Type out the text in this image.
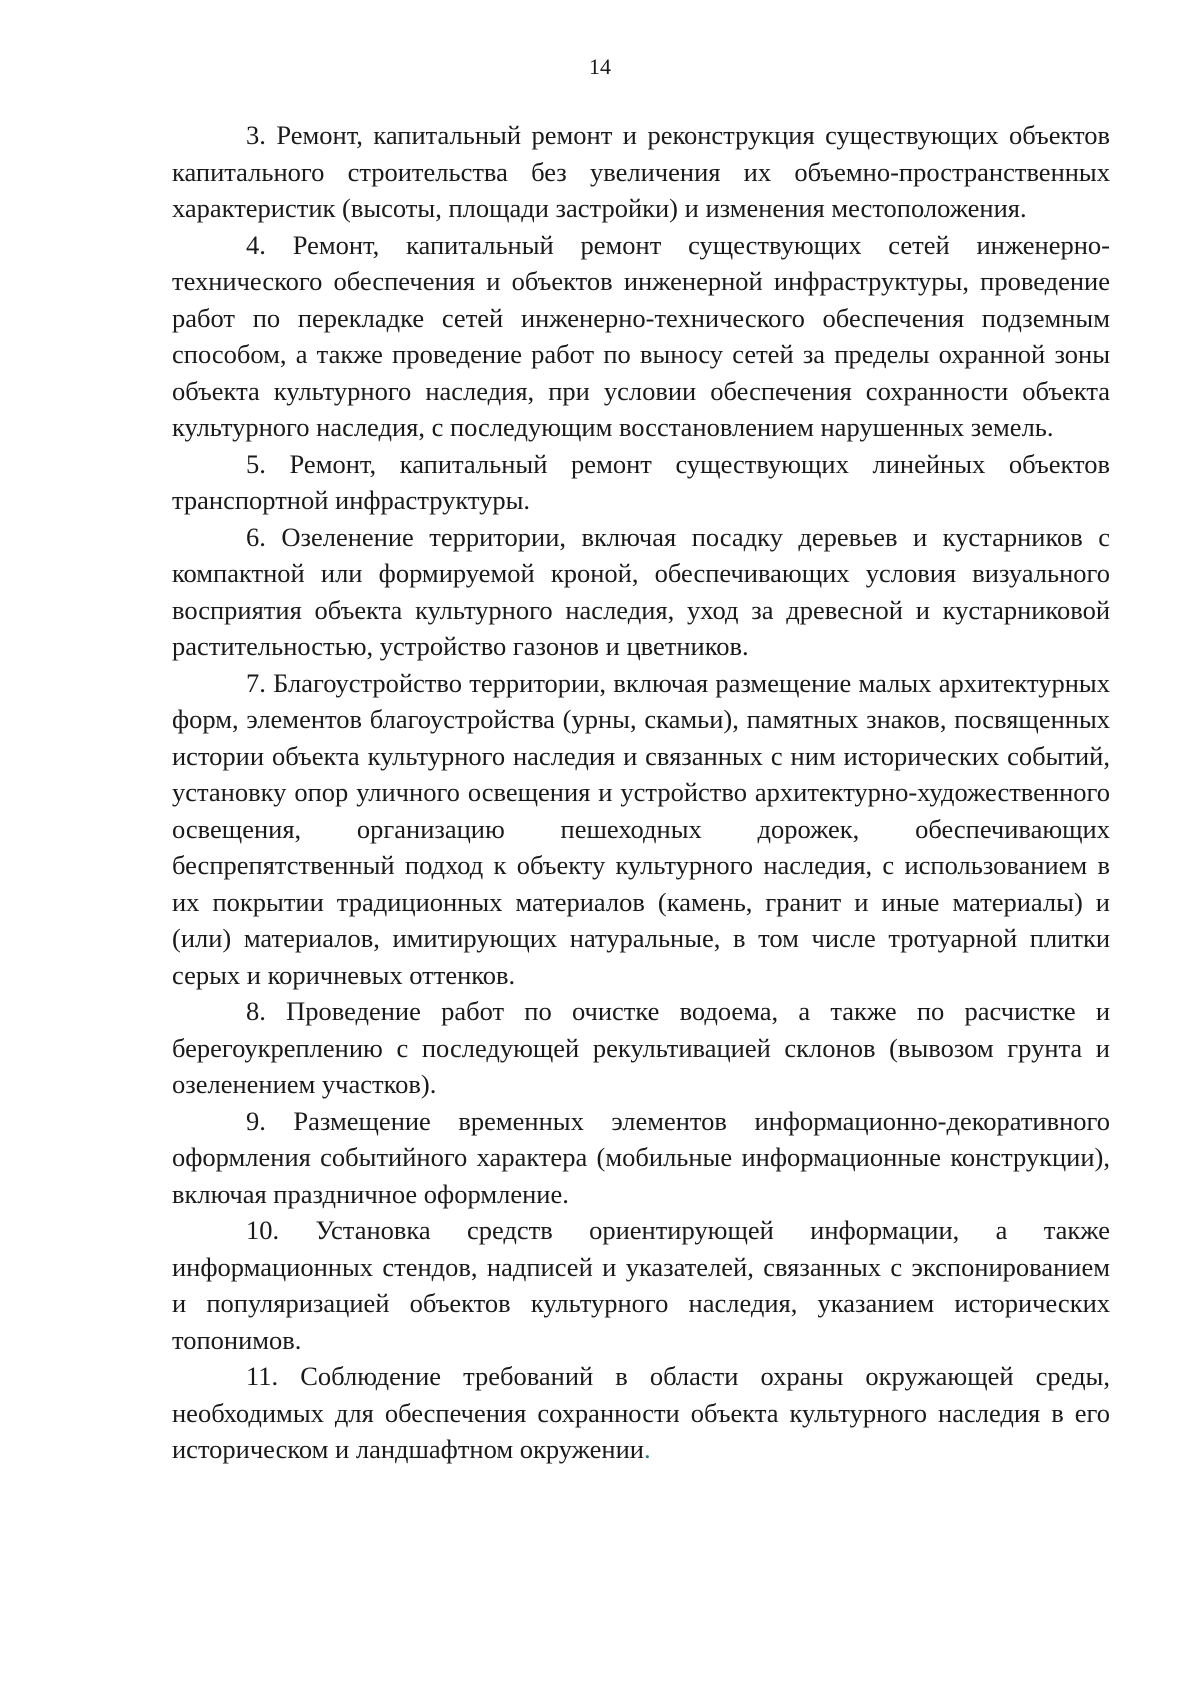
14

3. Ремонт, капитальный ремонт и реконструкция существующих объектов капитального строительства без увеличения их объемно-пространственных характеристик (высоты, площади застройки) и изменения местоположения.

4. Ремонт, капитальный ремонт существующих сетей инженерно-технического обеспечения и объектов инженерной инфраструктуры, проведение работ по перекладке сетей инженерно-технического обеспечения подземным способом, а также проведение работ по выносу сетей за пределы охранной зоны объекта культурного наследия, при условии обеспечения сохранности объекта культурного наследия, с последующим восстановлением нарушенных земель.

5. Ремонт, капитальный ремонт существующих линейных объектов транспортной инфраструктуры.

6. Озеленение территории, включая посадку деревьев и кустарников с компактной или формируемой кроной, обеспечивающих условия визуального восприятия объекта культурного наследия, уход за древесной и кустарниковой растительностью, устройство газонов и цветников.

7. Благоустройство территории, включая размещение малых архитектурных форм, элементов благоустройства (урны, скамьи), памятных знаков, посвященных истории объекта культурного наследия и связанных с ним исторических событий, установку опор уличного освещения и устройство архитектурно-художественного освещения, организацию пешеходных дорожек, обеспечивающих беспрепятственный подход к объекту культурного наследия, с использованием в их покрытии традиционных материалов (камень, гранит и иные материалы) и (или) материалов, имитирующих натуральные, в том числе тротуарной плитки серых и коричневых оттенков.

8. Проведение работ по очистке водоема, а также по расчистке и берегоукреплению с последующей рекультивацией склонов (вывозом грунта и озеленением участков).

9. Размещение временных элементов информационно-декоративного оформления событийного характера (мобильные информационные конструкции), включая праздничное оформление.

10. Установка средств ориентирующей информации, а также информационных стендов, надписей и указателей, связанных с экспонированием и популяризацией объектов культурного наследия, указанием исторических топонимов.

11. Соблюдение требований в области охраны окружающей среды, необходимых для обеспечения сохранности объекта культурного наследия в его историческом и ландшафтном окружении.
